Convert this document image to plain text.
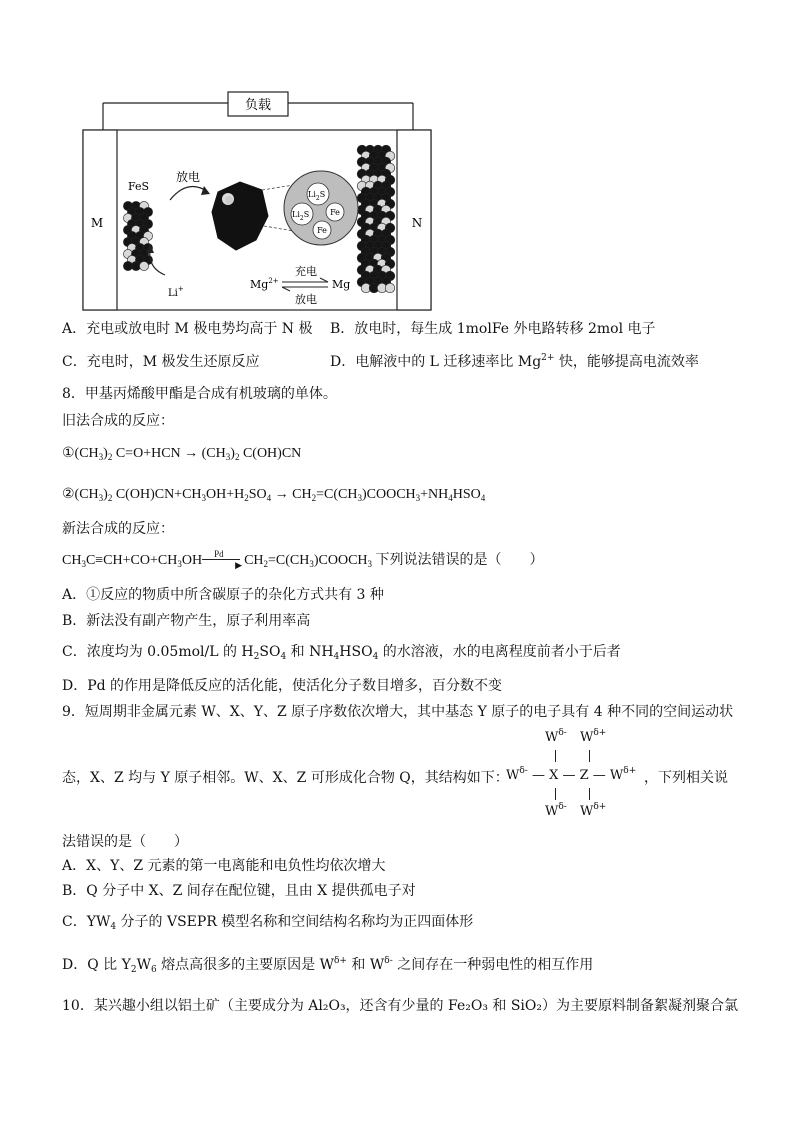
负载
M	N
FeS
放电
Li+
$Li_2S$
$Li_2S$	Fe
Fe
$Mg^{2+}$
充电
放电
Mg
A．充电或放电时 M 极电势均高于 N 极 B．放电时，每生成 1molFe 外电路转移 2mol 电子
C．充电时，M 极发生还原反应	D．电解液中的 L 迁移速率比 $Mg^{2+}$ 快，能够提高电流效率
8．甲基丙烯酸甲酯是合成有机玻璃的单体。
旧法合成的反应：
$①(CH_3)_2$ $C=O+HCN \to (CH_3)_2$ C(OH)CN
$②(CH_3)_2$ $C(OH)CN+CH_3OH+H_2SO_4$ → $CH_2=C(CH_3)COOCH_3+NH_4HSO_4$
新法合成的反应：
$CH_3C\equiv CH+CO+CH_3OH$ Pd
▶ $CH_2=C(CH_3)COOCH_3$ 下列说法错误的是（　　）
A．①反应的物质中所含碳原子的杂化方式共有 3 种
B．新法没有副产物产生，原子利用率高
C．浓度均为 0.05mol/L 的 $H_2SO_4$ 和 $NH_4HSO_4$ 的水溶液，水的电离程度前者小于后者
D．Pd 的作用是降低反应的活化能，使活化分子数目增多，百分数不变
9．短周期非金属元素 W、X、Y、Z 原子序数依次增大，其中基态 Y 原子的电子具有 4 种不同的空间运动状
态，X、Z 均与 Y 原子相邻。W、X、Z 可形成化合物 Q，其结构如下：
$W^{\delta-}$ $W^{\delta+}$
$W^{\delta-}$ — X — Z — $W^{\delta+}$
$W^{\delta-}$ $W^{\delta+}$
，下列相关说
法错误的是（　　）
A．X、Y、Z 元素的第一电离能和电负性均依次增大
B．Q 分子中 X、Z 间存在配位键，且由 X 提供孤电子对
C．$YW_4$ 分子的 VSEPR 模型名称和空间结构名称均为正四面体形
D．Q 比 $Y_2W_6$ 熔点高很多的主要原因是 $W^{\delta+}$ 和 $W^{\delta-}$ 之间存在一种弱电性的相互作用
10．某兴趣小组以铝土矿（主要成分为 Al₂O₃，还含有少量的 Fe₂O₃ 和 SiO₂）为主要原料制备絮凝剂聚合氯
